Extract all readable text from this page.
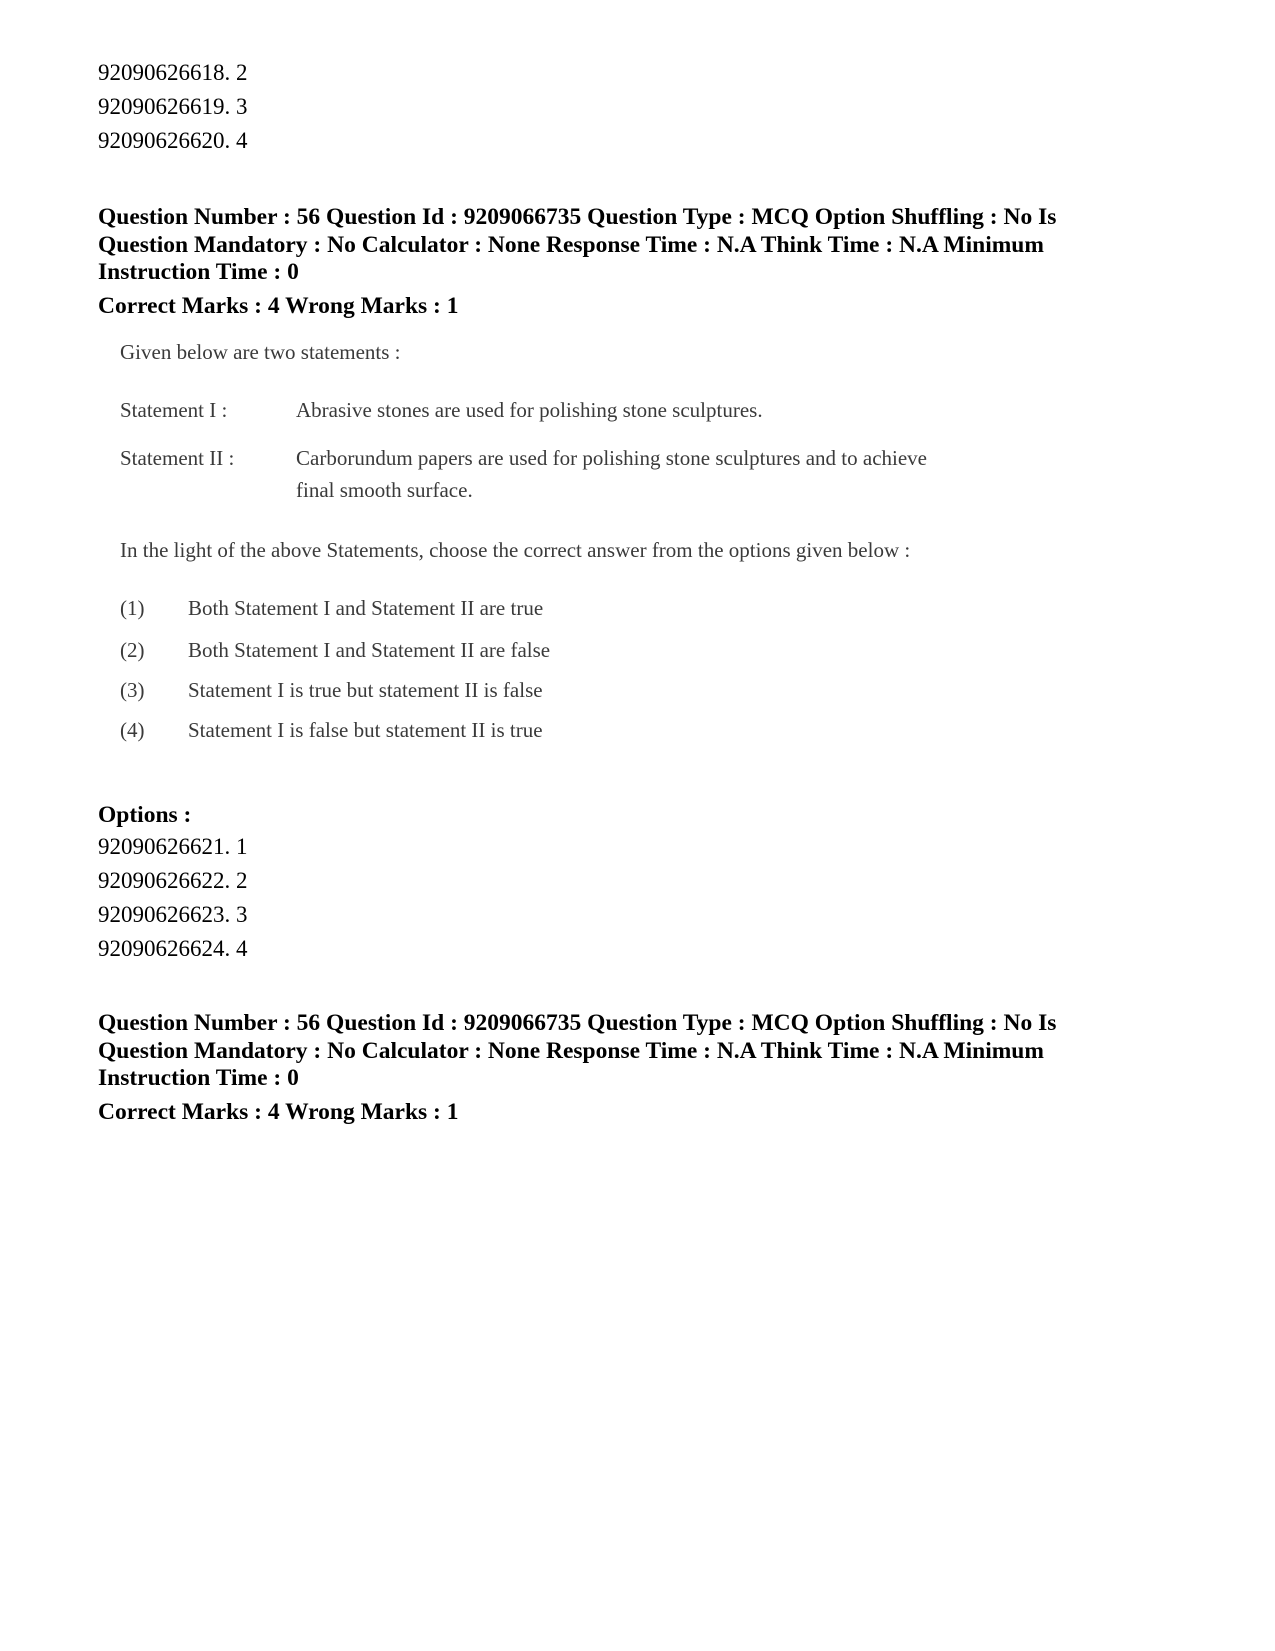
92090626618. 2
92090626619. 3
92090626620. 4

Question Number : 56 Question Id : 9209066735 Question Type : MCQ Option Shuffling : No Is

Question Mandatory : No Calculator : None Response Time : N.A Think Time : N.A Minimum

Instruction Time : 0

Correct Marks : 4 Wrong Marks : 1
Given below are two statements :
Statement I :	Abrasive stones are used for polishing stone sculptures.
Statement II :	Carborundum papers are used for polishing stone sculptures and to achieve
final smooth surface.
In the light of the above Statements, choose the correct answer from the options given below :
(1) Both Statement I and Statement II are true
(2) Both Statement I and Statement II are false
(3) Statement I is true but statement II is false
(4) Statement I is false but statement II is true
Options :
92090626621. 1
92090626622. 2
92090626623. 3
92090626624. 4

Question Number : 56 Question Id : 9209066735 Question Type : MCQ Option Shuffling : No Is

Question Mandatory : No Calculator : None Response Time : N.A Think Time : N.A Minimum

Instruction Time : 0

Correct Marks : 4 Wrong Marks : 1
